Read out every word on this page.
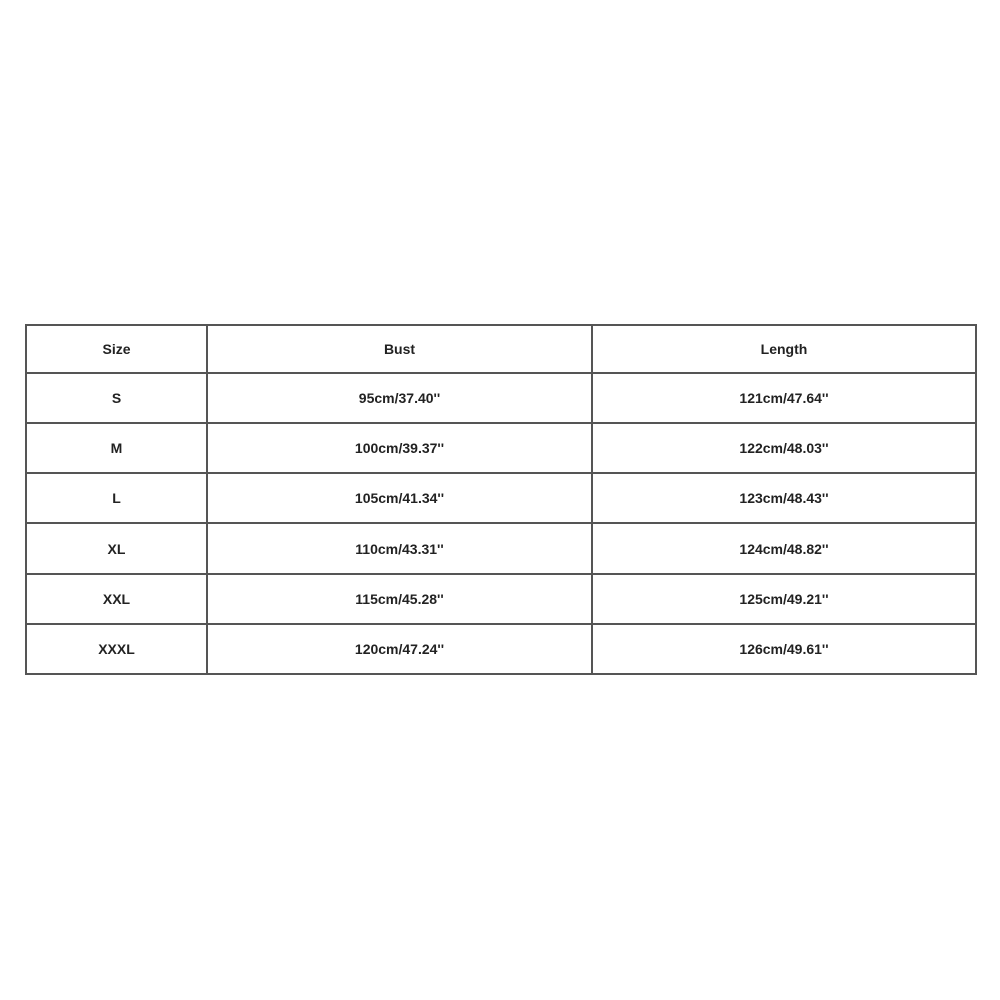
Size	Bust	Length
S	95cm/37.40''	121cm/47.64''
M	100cm/39.37''	122cm/48.03''
L	105cm/41.34''	123cm/48.43''
XL	110cm/43.31''	124cm/48.82''
XXL	115cm/45.28''	125cm/49.21''
XXXL	120cm/47.24''	126cm/49.61''
